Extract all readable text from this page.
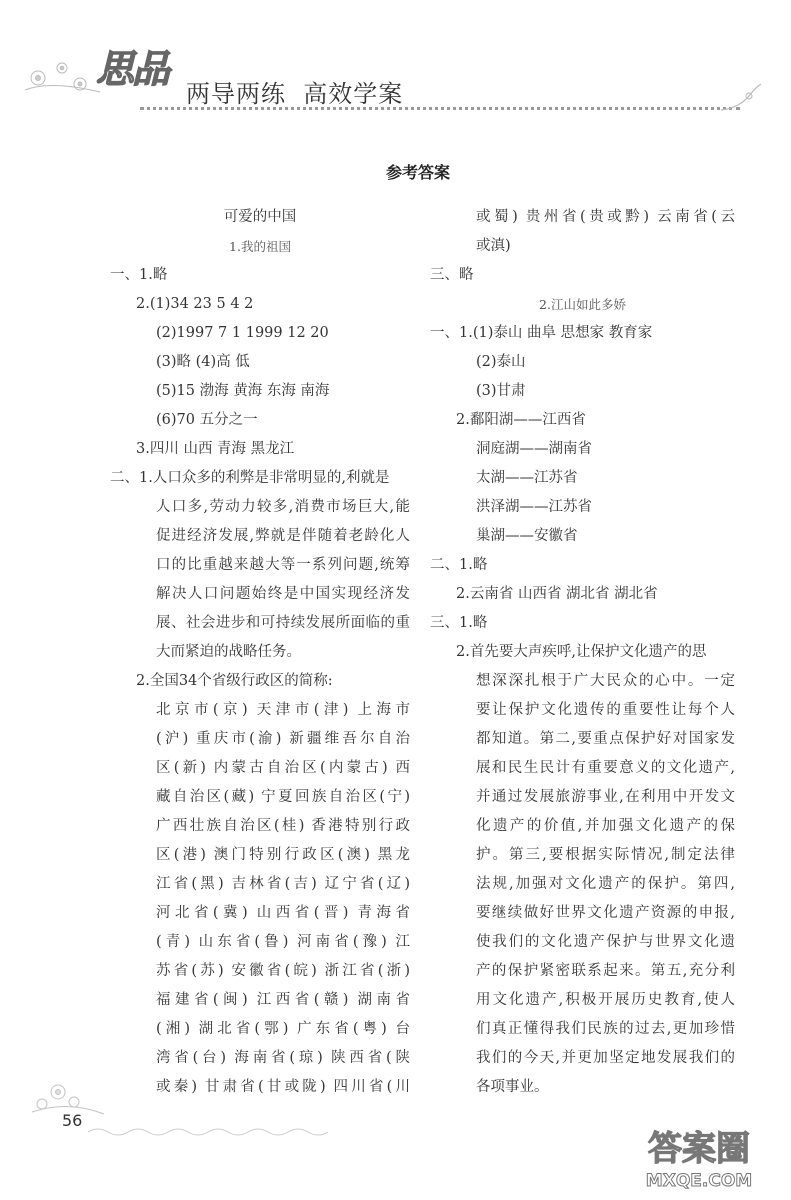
思品
两导两练  高效学案
参考答案
可爱的中国
1.我的祖国
一、1.略
2.(1)34 23 5 4 2
(2)1997 7 1 1999 12 20
(3)略 (4)高 低
(5)15 渤海 黄海 东海 南海
(6)70 五分之一
3.四川 山西 青海 黑龙江
二、1.人口众多的利弊是非常明显的,利就是
人口多,劳动力较多,消费市场巨大,能
促进经济发展,弊就是伴随着老龄化人
口的比重越来越大等一系列问题,统筹
解决人口问题始终是中国实现经济发
展、社会进步和可持续发展所面临的重
大而紧迫的战略任务。
2.全国34个省级行政区的简称:
北京市(京) 天津市(津) 上海市
(沪) 重庆市(渝) 新疆维吾尔自治
区(新) 内蒙古自治区(内蒙古) 西
藏自治区(藏) 宁夏回族自治区(宁)
广西壮族自治区(桂) 香港特别行政
区(港) 澳门特别行政区(澳) 黑龙
江省(黑) 吉林省(吉) 辽宁省(辽)
河北省(冀) 山西省(晋) 青海省
(青) 山东省(鲁) 河南省(豫) 江
苏省(苏) 安徽省(皖) 浙江省(浙)
福建省(闽) 江西省(赣) 湖南省
(湘) 湖北省(鄂) 广东省(粤) 台
湾省(台) 海南省(琼) 陕西省(陕
或秦) 甘肃省(甘或陇) 四川省(川
或蜀) 贵州省(贵或黔) 云南省(云
或滇)
三、略
2.江山如此多娇
一、1.(1)泰山 曲阜 思想家 教育家
(2)泰山
(3)甘肃
2.鄱阳湖——江西省
洞庭湖——湖南省
太湖——江苏省
洪泽湖——江苏省
巢湖——安徽省
二、1.略
2.云南省 山西省 湖北省 湖北省
三、1.略
2.首先要大声疾呼,让保护文化遗产的思
想深深扎根于广大民众的心中。一定
要让保护文化遗传的重要性让每个人
都知道。第二,要重点保护好对国家发
展和民生民计有重要意义的文化遗产,
并通过发展旅游事业,在利用中开发文
化遗产的价值,并加强文化遗产的保
护。第三,要根据实际情况,制定法律
法规,加强对文化遗产的保护。第四,
要继续做好世界文化遗产资源的申报,
使我们的文化遗产保护与世界文化遗
产的保护紧密联系起来。第五,充分利
用文化遗产,积极开展历史教育,使人
们真正懂得我们民族的过去,更加珍惜
我们的今天,并更加坚定地发展我们的
各项事业。
56
答案圈
MXQE.COM
